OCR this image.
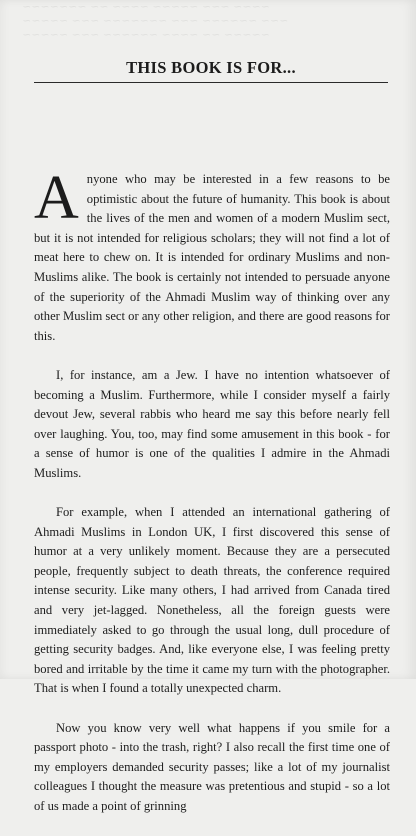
~~~~ ~~~ ~~~~~ ~~~~ ~~ ~~~~~~~
~~~ ~~~~~~ ~~~ ~~~~~~~ ~~~ ~~~~~
~~~~~ ~~ ~~~~ ~~~~~~ ~~~ ~~~~~
THIS BOOK IS FOR...

Anyone who may be interested in a few reasons to be optimistic about the future of humanity. This book is about the lives of the men and women of a modern Muslim sect, but it is not intended for religious scholars; they will not find a lot of meat here to chew on. It is intended for ordinary Muslims and non-Muslims alike. The book is certainly not intended to persuade anyone of the superiority of the Ahmadi Muslim way of thinking over any other Muslim sect or any other religion, and there are good reasons for this.

I, for instance, am a Jew. I have no intention whatsoever of becoming a Muslim. Furthermore, while I consider myself a fairly devout Jew, several rabbis who heard me say this before nearly fell over laughing. You, too, may find some amusement in this book - for a sense of humor is one of the qualities I admire in the Ahmadi Muslims.

For example, when I attended an international gathering of Ahmadi Muslims in London UK, I first discovered this sense of humor at a very unlikely moment. Because they are a persecuted people, frequently subject to death threats, the conference required intense security. Like many others, I had arrived from Canada tired and very jet-lagged. Nonetheless, all the foreign guests were immediately asked to go through the usual long, dull procedure of getting security badges. And, like everyone else, I was feeling pretty bored and irritable by the time it came my turn with the photographer. That is when I found a totally unexpected charm.

Now you know very well what happens if you smile for a passport photo - into the trash, right? I also recall the first time one of my employers demanded security passes; like a lot of my journalist colleagues I thought the measure was pretentious and stupid - so a lot of us made a point of grinning
